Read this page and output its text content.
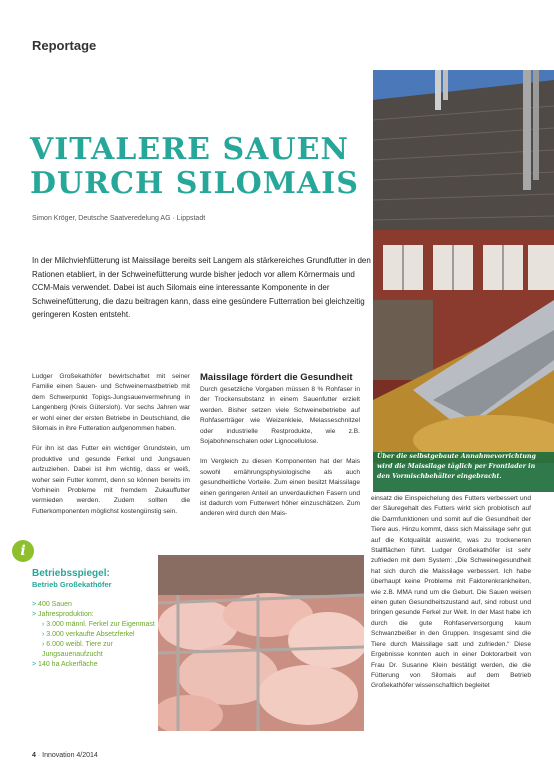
Reportage
VITALERE SAUEN
DURCH SILOMAIS
Simon Kröger, Deutsche Saatveredelung AG · Lippstadt
In der Milchviehfütterung ist Maissilage bereits seit Langem als stärkereiches Grundfutter in den Rationen etabliert, in der Schweinefütterung wurde bisher jedoch vor allem Körnermais und CCM-Mais verwendet. Dabei ist auch Silomais eine interessante Komponente in der Schweinefütterung, die dazu beitragen kann, dass eine gesündere Futterration bei gleichzeitig geringeren Kosten entsteht.
Über die selbstgebaute Annahmevorrichtung wird die Maissilage täglich per Frontlader in den Vormischbehälter eingebracht.

Ludger Großekathöfer bewirtschaftet mit seiner Familie einen Sauen- und Schweinemastbetrieb mit dem Schwerpunkt Topigs-Jungsauenvermehrung in Langenberg (Kreis Gütersloh). Vor sechs Jahren war er wohl einer der ersten Betriebe in Deutschland, die Silomais in ihre Futteration aufgenommen haben.

Für ihn ist das Futter ein wichtiger Grundstein, um produktive und gesunde Ferkel und Jungsauen aufzuziehen. Dabei ist ihm wichtig, dass er weiß, woher sein Futter kommt, denn so können bereits im Vorhinein Probleme mit fremdem Zukauffutter vermieden werden. Zudem sollten die Futterkomponenten möglichst kostengünstig sein.

Maissilage fördert die Gesundheit

Durch gesetzliche Vorgaben müssen 8 % Rohfaser in der Trockensubstanz in einem Sauenfutter erzielt werden. Bisher setzen viele Schweinebetriebe auf Rohfaserträger wie Weizenkleie, Melasseschnitzel oder industrielle Restprodukte, wie z.B. Sojabohnenschalen oder Lignocellulose.

Im Vergleich zu diesen Komponenten hat der Mais sowohl ernährungsphysiologische als auch gesundheitliche Vorteile. Zum einen besitzt Maissilage einen geringeren Anteil an unverdaulichen Fasern und ist dadurch vom Futterwert höher einzuschätzen. Zum anderen wird durch den Mais-

einsatz die Einspeichelung des Futters verbessert und der Säuregehalt des Futters wirkt sich probiotisch auf die Darmfunktionen und somit auf die Gesundheit der Tiere aus. Hinzu kommt, dass sich Maissilage sehr gut auf die Kotqualität auswirkt, was zu trockeneren Stallflächen führt. Ludger Großekathöfer ist sehr zufrieden mit dem System: „Die Schweinegesundheit hat sich durch die Maissilage verbessert. Ich habe überhaupt keine Probleme mit Faktorenkrankheiten, wie z.B. MMA rund um die Geburt. Die Sauen weisen einen guten Gesundheitszustand auf, sind robust und bringen gesunde Ferkel zur Welt. In der Mast habe ich durch die gute Rohfaserversorgung kaum Schwanzbeißer in den Gruppen. Insgesamt sind die Tiere durch Maissilage satt und zufrieden.“ Diese Ergebnisse konnten auch in einer Doktorarbeit von Frau Dr. Susanne Klein bestätigt werden, die die Fütterung von Silomais auf dem Betrieb Großekathöfer wissenschaftlich begleitet

i
Betriebsspiegel:
Betrieb Großekathöfer
> 400 Sauen
> Jahresproduktion:
› 3.000 männl. Ferkel zur Eigenmast
› 3.000 verkaufte Absetzferkel
› 6.000 weibl. Tiere zur Jungsauenaufzucht
> 140 ha Ackerfläche
4 · Innovation 4/2014
